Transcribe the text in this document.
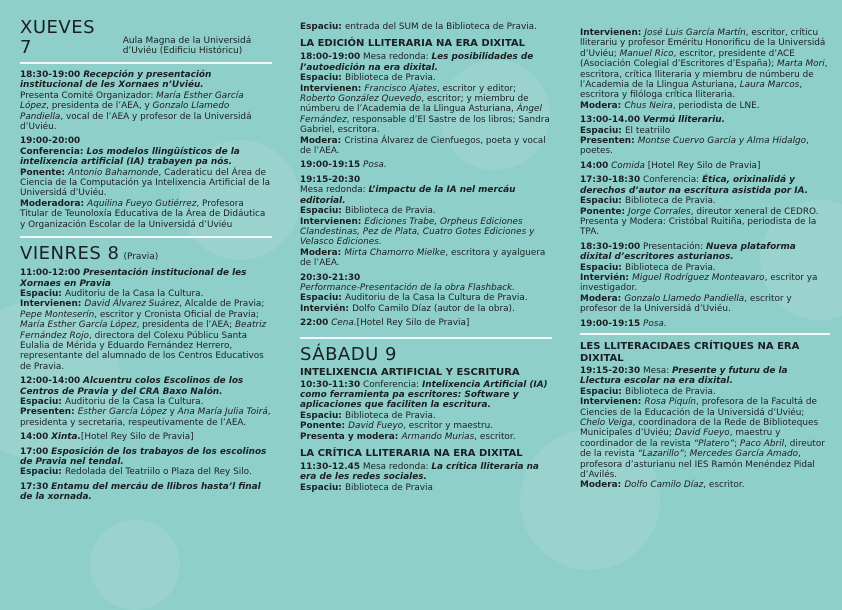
XUEVES 7	Aula Magna de la Universidá d’Uviéu (Edificiu Históricu)
18:30-19:00 Recepción y presentación institucional de les Xornaes n’Uviéu.
Presenta Comité Organizador: María Esther García López, presidenta de l’AEA, y Gonzalo Llamedo Pandiella, vocal de l’AEA y profesor de la Universidá d’Uviéu.
19:00-20:00
Conferencia: Los modelos llingüísticos de la intelixencia artificial (IA) trabayen pa nós.
Ponente: Antonio Bahamonde, Caderaticu del Área de Ciencia de la Computación ya Intelixencia Artificial de la Universidá d’Uviéu.
Moderadora: Aquilina Fueyo Gutiérrez, Profesora Titular de Teunoloxía Educativa de la Área de Didáutica y Organización Escolar de la Universidá d’Uviéu
VIENRES 8 (Pravia)
11:00-12:00 Presentación institucional de les Xornaes en Pravia
Espaciu: Auditoriu de la Casa la Cultura.
Intervienen: David Álvarez Suárez, Alcalde de Pravia; Pepe Monteserín, escritor y Cronista Oficial de Pravia; María Esther García López, presidenta de l’AEA; Beatriz Fernández Rojo, directora del Colexu Públicu Santa Eulalia de Mérida y Eduardo Fernández Herrero, representante del alumnado de los Centros Educativos de Pravia.
12:00-14:00 Alcuentru colos Escolinos de los Centros de Pravia y del CRA Baxo Nalón.
Espaciu: Auditoriu de la Casa la Cultura.
Presenten: Esther García López y Ana María Julia Toirá, presidenta y secretaria, respeutivamente de l’AEA.
14:00 Xinta.[Hotel Rey Silo de Pravia]
17:00 Esposición de los trabayos de los escolinos de Pravia nel tendal.
Espaciu: Redolada del Teatriilo o Plaza del Rey Silo.
17:30 Entamu del mercáu de llibros hasta’l final de la xornada.
Espaciu: entrada del SUM de la Biblioteca de Pravia.
LA EDICIÓN LLITERARIA NA ERA DIXITAL
18:00-19:00 Mesa redonda: Les posibilidades de l’autoedición na era dixital.
Espaciu: Biblioteca de Pravia.
Intervienen: Francisco Ajates, escritor y editor; Roberto González Quevedo, escritor; y miembru de númberu de l’Academia de la Llingua Asturiana, Ángel Fernández, responsable d’El Sastre de los libros; Sandra Gabriel, escritora.
Modera: Cristina Álvarez de Cienfuegos, poeta y vocal de l’AEA.
19:00-19:15 Posa.
19:15-20:30
Mesa redonda: L’impactu de la IA nel mercáu editorial.
Espaciu: Biblioteca de Pravia.
Intervienen: Ediciones Trabe, Orpheus Ediciones Clandestinas, Pez de Plata, Cuatro Gotes Ediciones y Velasco Ediciones.
Modera: Mirta Chamorro Mielke, escritora y ayalguera de l’AEA.
20:30-21:30
Performance-Presentación de la obra Flashback.
Espaciu: Auditoriu de la Casa la Cultura de Pravia.
Intervién: Dolfo Camilo Díaz (autor de la obra).
22:00 Cena.[Hotel Rey Silo de Pravia]
SÁBADU 9
INTELIXENCIA ARTIFICIAL Y ESCRITURA
10:30-11:30 Conferencia: Intelixencia Artificial (IA) como ferramienta pa escritores: Software y aplicaciones que faciliten la escritura.
Espaciu: Biblioteca de Pravia.
Ponente: David Fueyo, escritor y maestru.
Presenta y modera: Armando Murias, escritor.
LA CRÍTICA LLITERARIA NA ERA DIXITAL
11:30-12.45 Mesa redonda: La crítica lliteraria na era de les redes sociales.
Espaciu: Biblioteca de Pravia
Intervienen: José Luis García Martín, escritor, críticu lliterariu y profesor Eméritu Honorificu de la Universidá d’Uviéu; Manuel Rico, escritor, presidente d’ACE (Asociación Colegial d’Escritores d’España); Marta Mori, escritora, crítica lliteraria y miembru de númberu de l’Academia de la Llingua Asturiana, Laura Marcos, escritora y filóloga crítica lliteraria.
Modera: Chus Neira, periodista de LNE.
13:00-14.00 Vermú lliterariu.
Espaciu: El teatriilo
Presenten: Montse Cuervo García y Alma Hidalgo, poetes.
14:00 Comida [Hotel Rey Silo de Pravia]
17:30-18:30 Conferencia: Ética, orixinalidá y derechos d’autor na escritura asistida por IA.
Espaciu: Biblioteca de Pravia.
Ponente: Jorge Corrales, direutor xeneral de CEDRO.
Presenta y Modera: Cristóbal Ruitiña, periodista de la TPA.
18:30-19:00 Presentación: Nueva plataforma dixital d’escritores asturianos.
Espaciu: Biblioteca de Pravia.
Intervién: Miguel Rodríguez Monteavaro, escritor ya investigador.
Modera: Gonzalo Llamedo Pandiella, escritor y profesor de la Universidá d’Uviéu.
19:00-19:15 Posa.
LES LLITERACIDAES CRÍTIQUES NA ERA DIXITAL
19:15-20:30 Mesa: Presente y futuru de la Llectura escolar na era dixital.
Espaciu: Biblioteca de Pravia.
Intervienen: Rosa Piquín, profesora de la Facultá de Ciencies de la Educación de la Universidá d’Uviéu; Chelo Veiga, coordinadora de la Rede de Biblioteques Municipales d’Uviéu; David Fueyo, maestru y coordinador de la revista “Platero”; Paco Abril, direutor de la revista “Lazarillo”; Mercedes García Amado, profesora d’asturianu nel IES Ramón Menéndez Pidal d’Avilés.
Modera: Dolfo Camilo Díaz, escritor.
